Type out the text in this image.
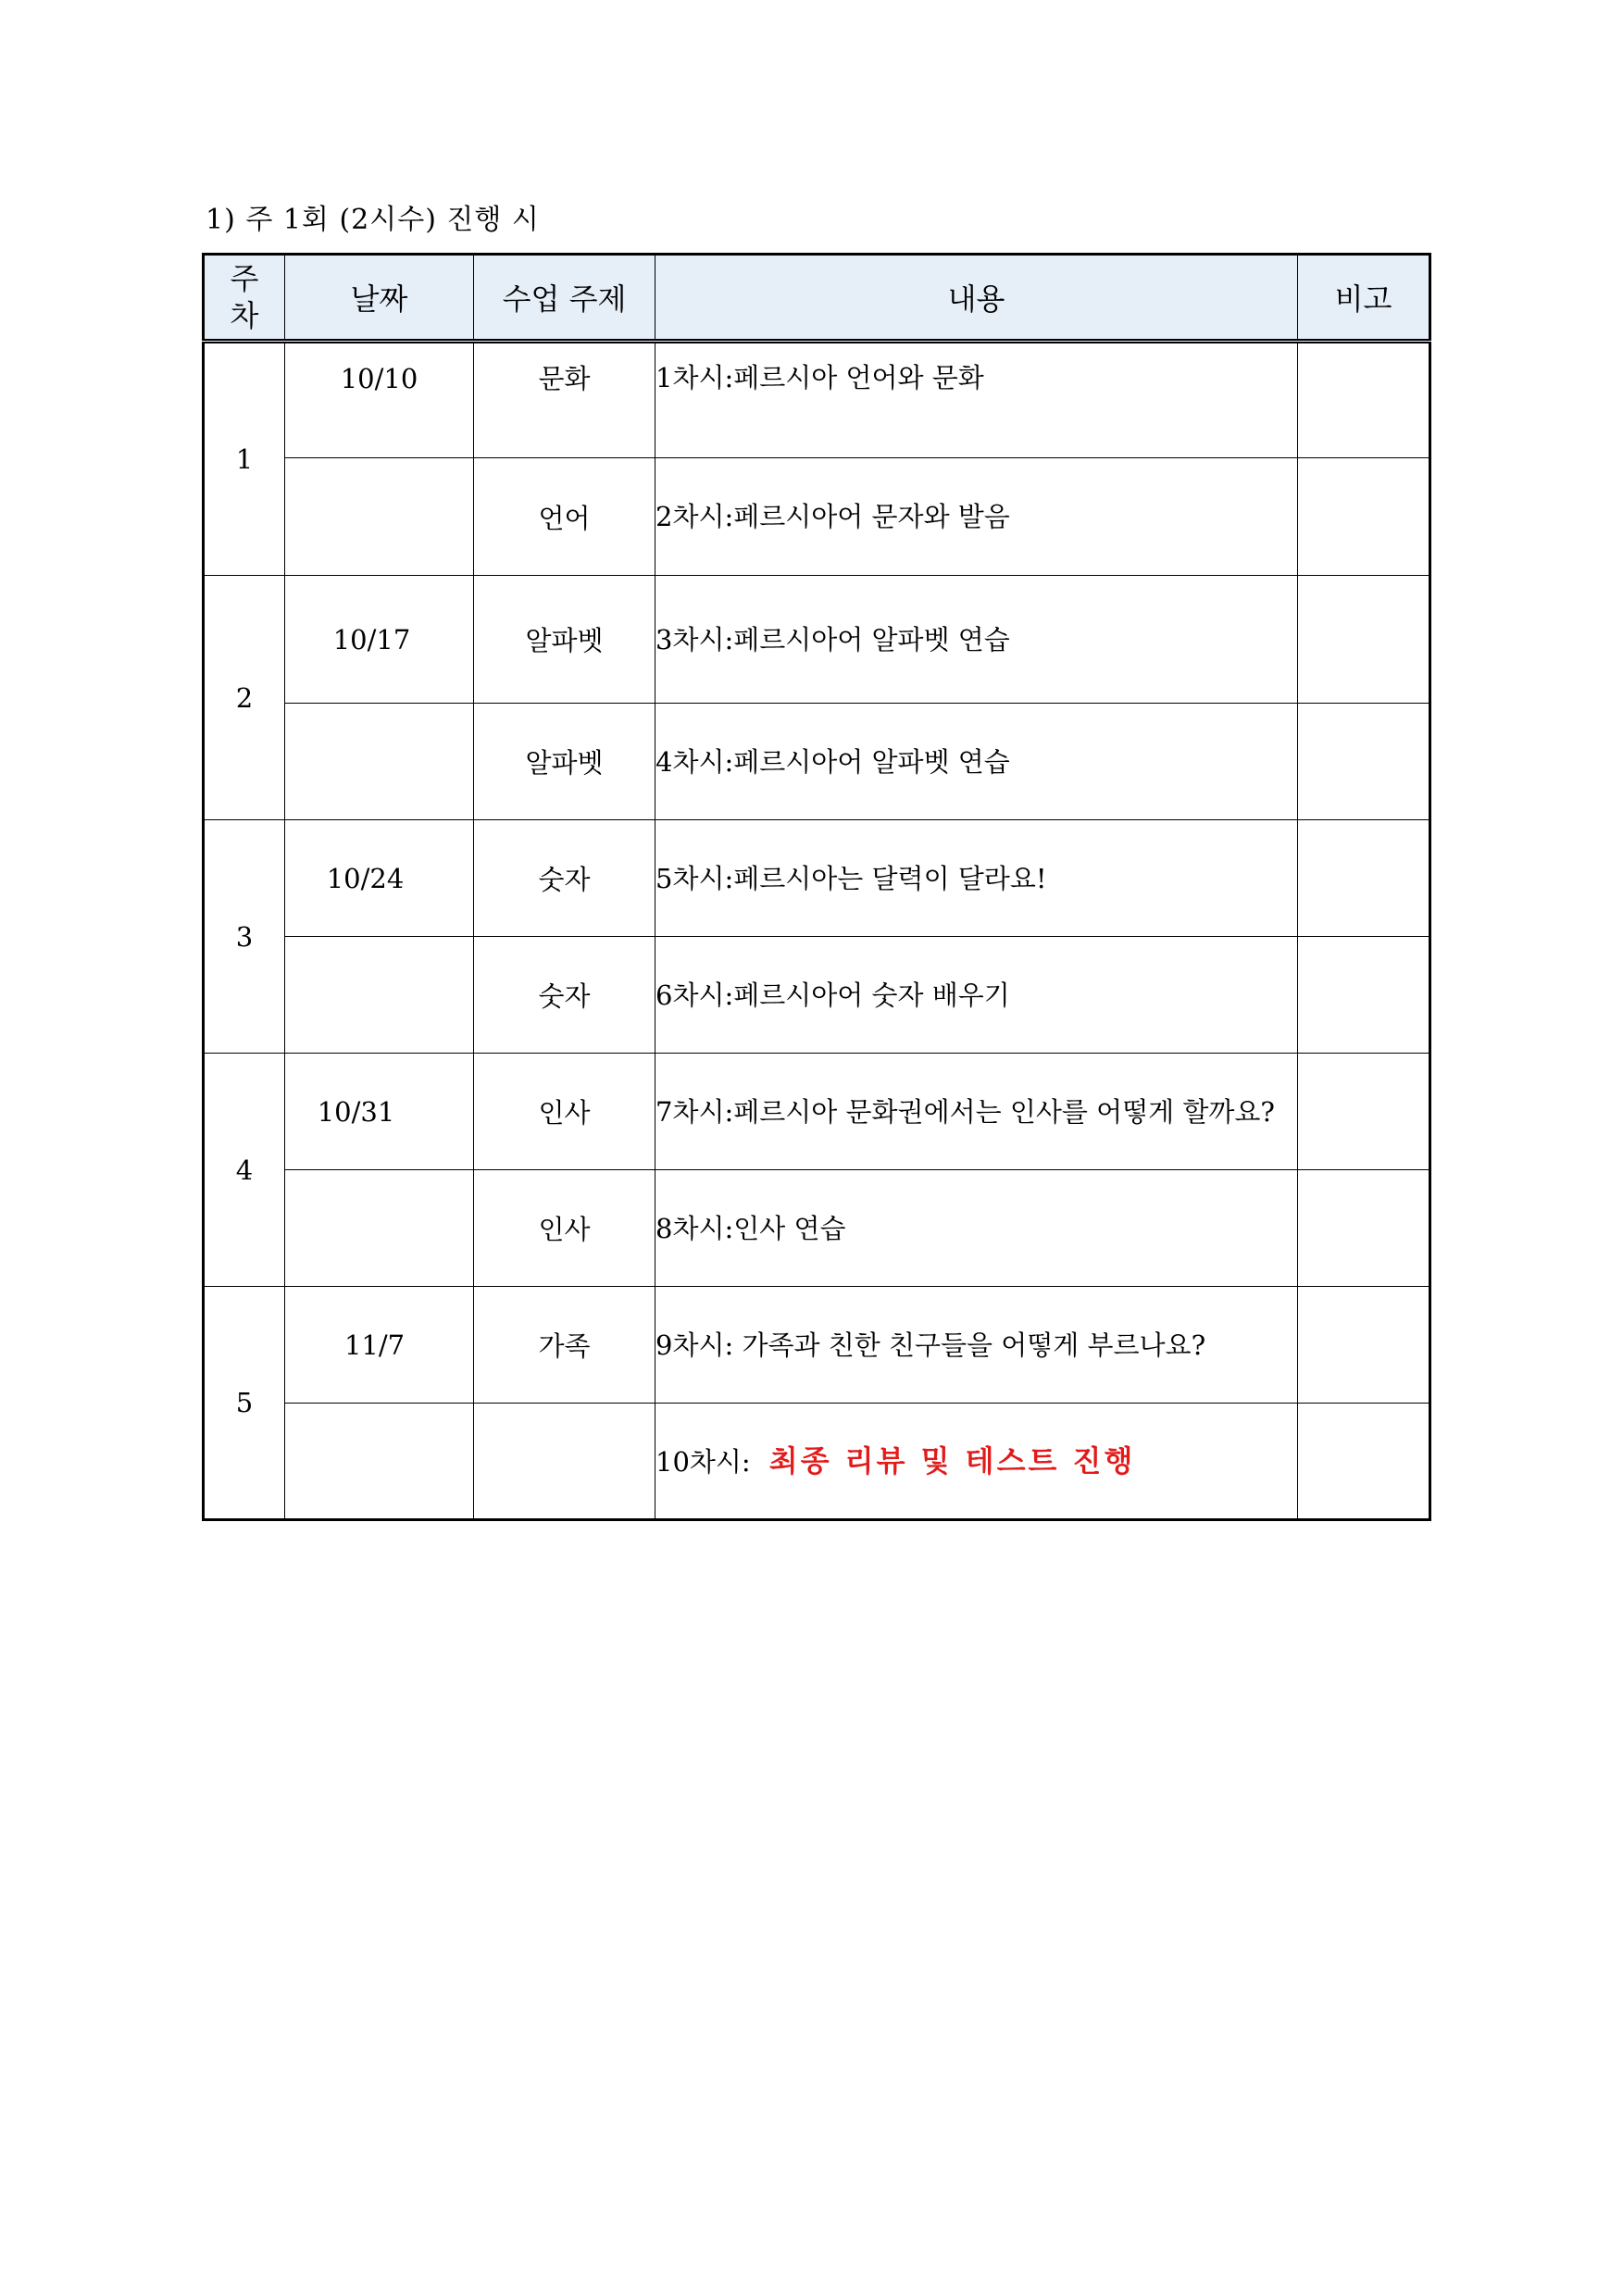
1) 주 1회 (2시수) 진행 시
주
차	날짜	수업 주제	내용	비고
1	10/10	문화	1차시:페르시아 언어와 문화	
		언어	2차시:페르시아어 문자와 발음	
2	10/17	알파벳	3차시:페르시아어 알파벳 연습	
		알파벳	4차시:페르시아어 알파벳 연습	
3	10/24	숫자	5차시:페르시아는 달력이 달라요!	
		숫자	6차시:페르시아어 숫자 배우기	
4	10/31	인사	7차시:페르시아 문화권에서는 인사를 어떻게 할까요?	
		인사	8차시:인사 연습	
5	11/7	가족	9차시: 가족과 친한 친구들을 어떻게 부르나요?	
			10차시: 최종 리뷰 및 테스트 진행	
